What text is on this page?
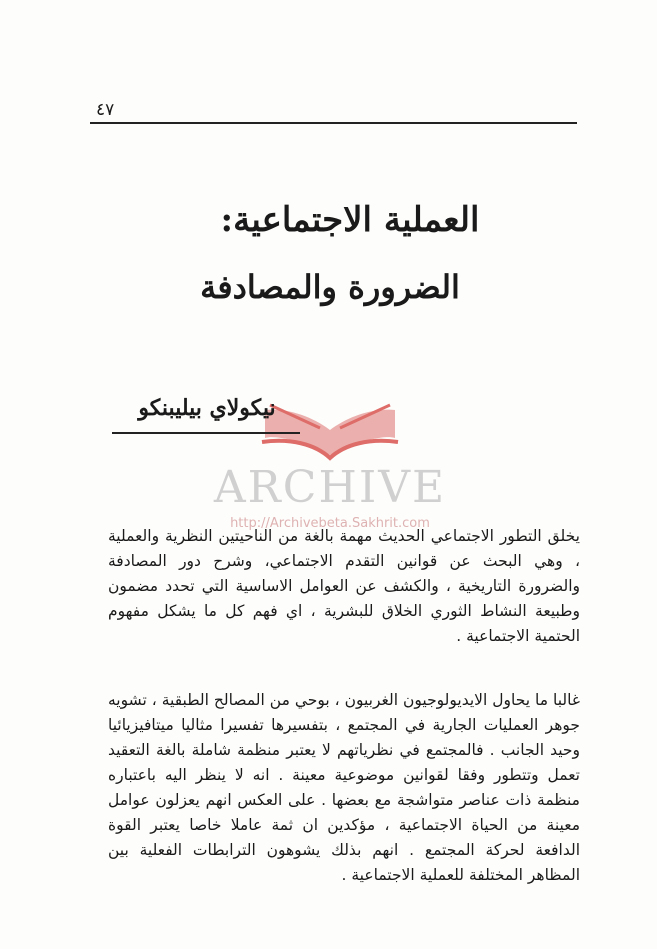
٤٧
العملية الاجتماعية:
الضرورة والمصادفة
ARCHIVE
http://Archivebeta.Sakhrit.com
نيكولاي بيليبنكو
يخلق التطور الاجتماعي الحديث مهمة بالغة من الناحيتين النظرية والعملية ، وهي البحث عن قوانين التقدم الاجتماعي، وشرح دور المصادفة والضرورة التاريخية ، والكشف عن العوامل الاساسية التي تحدد مضمون وطبيعة النشاط الثوري الخلاق للبشرية ، اي فهم كل ما يشكل مفهوم الحتمية الاجتماعية .
غالبا ما يحاول الايديولوجيون الغربيون ، بوحي من المصالح الطبقية ، تشويه جوهر العمليات الجارية في المجتمع ، بتفسيرها تفسيرا مثاليا ميتافيزيائيا وحيد الجانب . فالمجتمع في نظرياتهم لا يعتبر منظمة شاملة بالغة التعقيد تعمل وتتطور وفقا لقوانين موضوعية معينة . انه لا ينظر اليه باعتباره منظمة ذات عناصر متواشجة مع بعضها . على العكس انهم يعزلون عوامل معينة من الحياة الاجتماعية ، مؤكدين ان ثمة عاملا خاصا يعتبر القوة الدافعة لحركة المجتمع . انهم بذلك يشوهون الترابطات الفعلية بين المظاهر المختلفة للعملية الاجتماعية .
